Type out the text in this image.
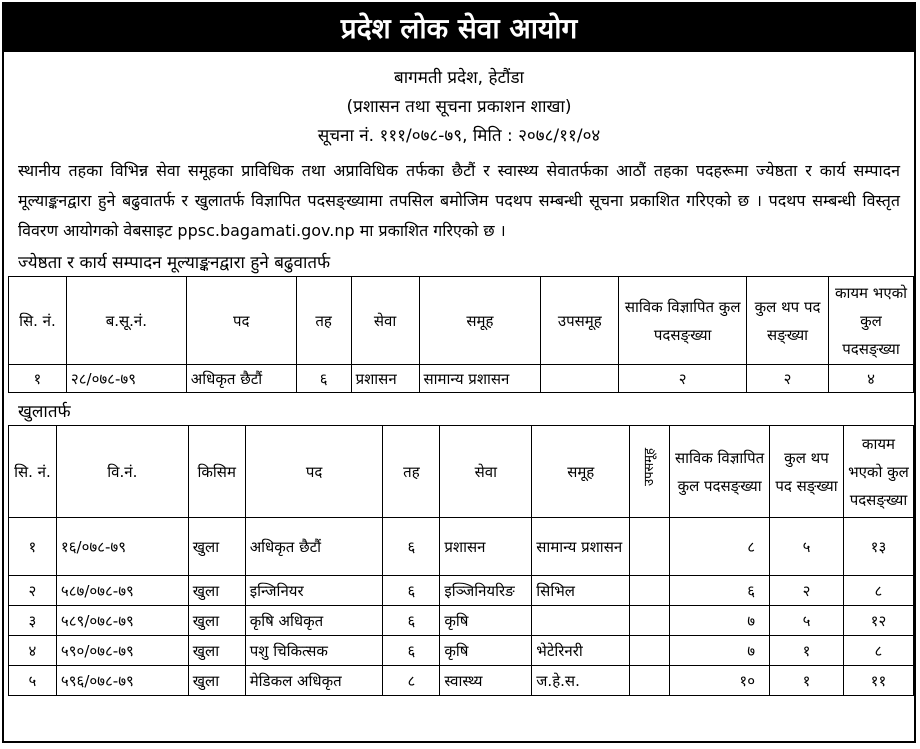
प्रदेश लोक सेवा आयोग
बागमती प्रदेश, हेटौंडा
(प्रशासन तथा सूचना प्रकाशन शाखा)
सूचना नं. १११/०७८-७९, मिति : २०७८/११/०४
स्थानीय तहका विभिन्न सेवा समूहका प्राविधिक तथा अप्राविधिक तर्फका छैटौं र स्वास्थ्य सेवातर्फका आठौं तहका पदहरूमा ज्येष्ठता र कार्य सम्पादन मूल्याङ्कनद्वारा हुने बढुवातर्फ र खुलातर्फ विज्ञापित पदसङ्ख्यामा तपसिल बमोजिम पदथप सम्बन्धी सूचना प्रकाशित गरिएको छ । पदथप सम्बन्धी विस्तृत विवरण आयोगको वेबसाइट ppsc.bagamati.gov.np मा प्रकाशित गरिएको छ ।
ज्येष्ठता र कार्य सम्पादन मूल्याङ्कनद्वारा हुने बढुवातर्फ
सि. नं.	ब.सू.नं.	पद	तह	सेवा	समूह	उपसमूह	साविक विज्ञापित कुल पदसङ्ख्या	कुल थप पद सङ्ख्या	कायम भएको कुल पदसङ्ख्या
१	२८/०७८-७९	अधिकृत छैटौं	६	प्रशासन	सामान्य प्रशासन		२	२	४
खुलातर्फ
सि. नं.	वि.नं.	किसिम	पद	तह	सेवा	समूह	उपसमूह	साविक विज्ञापित कुल पदसङ्ख्या	कुल थप पद सङ्ख्या	कायम भएको कुल पदसङ्ख्या
१	१६/०७८-७९	खुला	अधिकृत छैटौं	६	प्रशासन	सामान्य प्रशासन		८	५	१३
२	५८७/०७८-७९	खुला	इन्जिनियर	६	इञ्जिनियरिङ	सिभिल		६	२	८
३	५८९/०७८-७९	खुला	कृषि अधिकृत	६	कृषि			७	५	१२
४	५९०/०७८-७९	खुला	पशु चिकित्सक	६	कृषि	भेटेरिनरी		७	१	८
५	५९६/०७८-७९	खुला	मेडिकल अधिकृत	८	स्वास्थ्य	ज.हे.स.		१०	१	११
